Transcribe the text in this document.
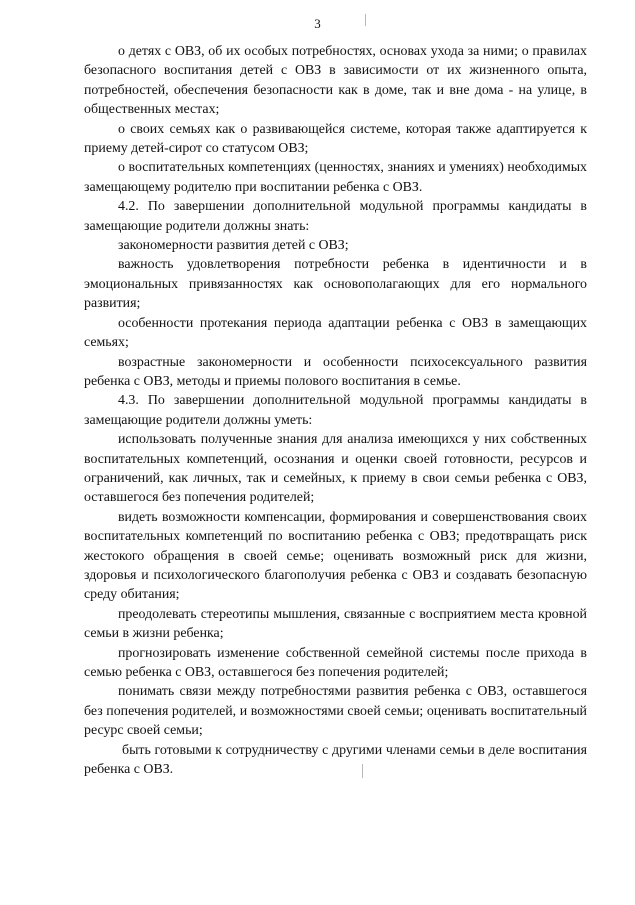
3

о детях с ОВЗ, об их особых потребностях, основах ухода за ними; о правилах безопасного воспитания детей с ОВЗ в зависимости от их жизненного опыта, потребностей, обеспечения безопасности как в доме, так и вне дома - на улице, в общественных местах;

о своих семьях как о развивающейся системе, которая также адаптируется к приему детей-сирот со статусом ОВЗ;

о воспитательных компетенциях (ценностях, знаниях и умениях) необходимых замещающему родителю при воспитании ребенка с ОВЗ.

4.2. По завершении дополнительной модульной программы кандидаты в замещающие родители должны знать:

закономерности развития детей с ОВЗ;

важность удовлетворения потребности ребенка в идентичности и в эмоциональных привязанностях как основополагающих для его нормального развития;

особенности протекания периода адаптации ребенка с ОВЗ в замещающих семьях;

возрастные закономерности и особенности психосексуального развития ребенка с ОВЗ, методы и приемы полового воспитания в семье.

4.3. По завершении дополнительной модульной программы кандидаты в замещающие родители должны уметь:

использовать полученные знания для анализа имеющихся у них собственных воспитательных компетенций, осознания и оценки своей готовности, ресурсов и ограничений, как личных, так и семейных, к приему в свои семьи ребенка с ОВЗ, оставшегося без попечения родителей;

видеть возможности компенсации, формирования и совершенствования своих воспитательных компетенций по воспитанию ребенка с ОВЗ; предотвращать риск жестокого обращения в своей семье; оценивать возможный риск для жизни, здоровья и психологического благополучия ребенка с ОВЗ и создавать безопасную среду обитания;

преодолевать стереотипы мышления, связанные с восприятием места кровной семьи в жизни ребенка;

прогнозировать изменение собственной семейной системы после прихода в семью ребенка с ОВЗ, оставшегося без попечения родителей;

понимать связи между потребностями развития ребенка с ОВЗ, оставшегося без попечения родителей, и возможностями своей семьи; оценивать воспитательный ресурс своей семьи;

быть готовыми к сотрудничеству с другими членами семьи в деле воспитания ребенка с ОВЗ.
